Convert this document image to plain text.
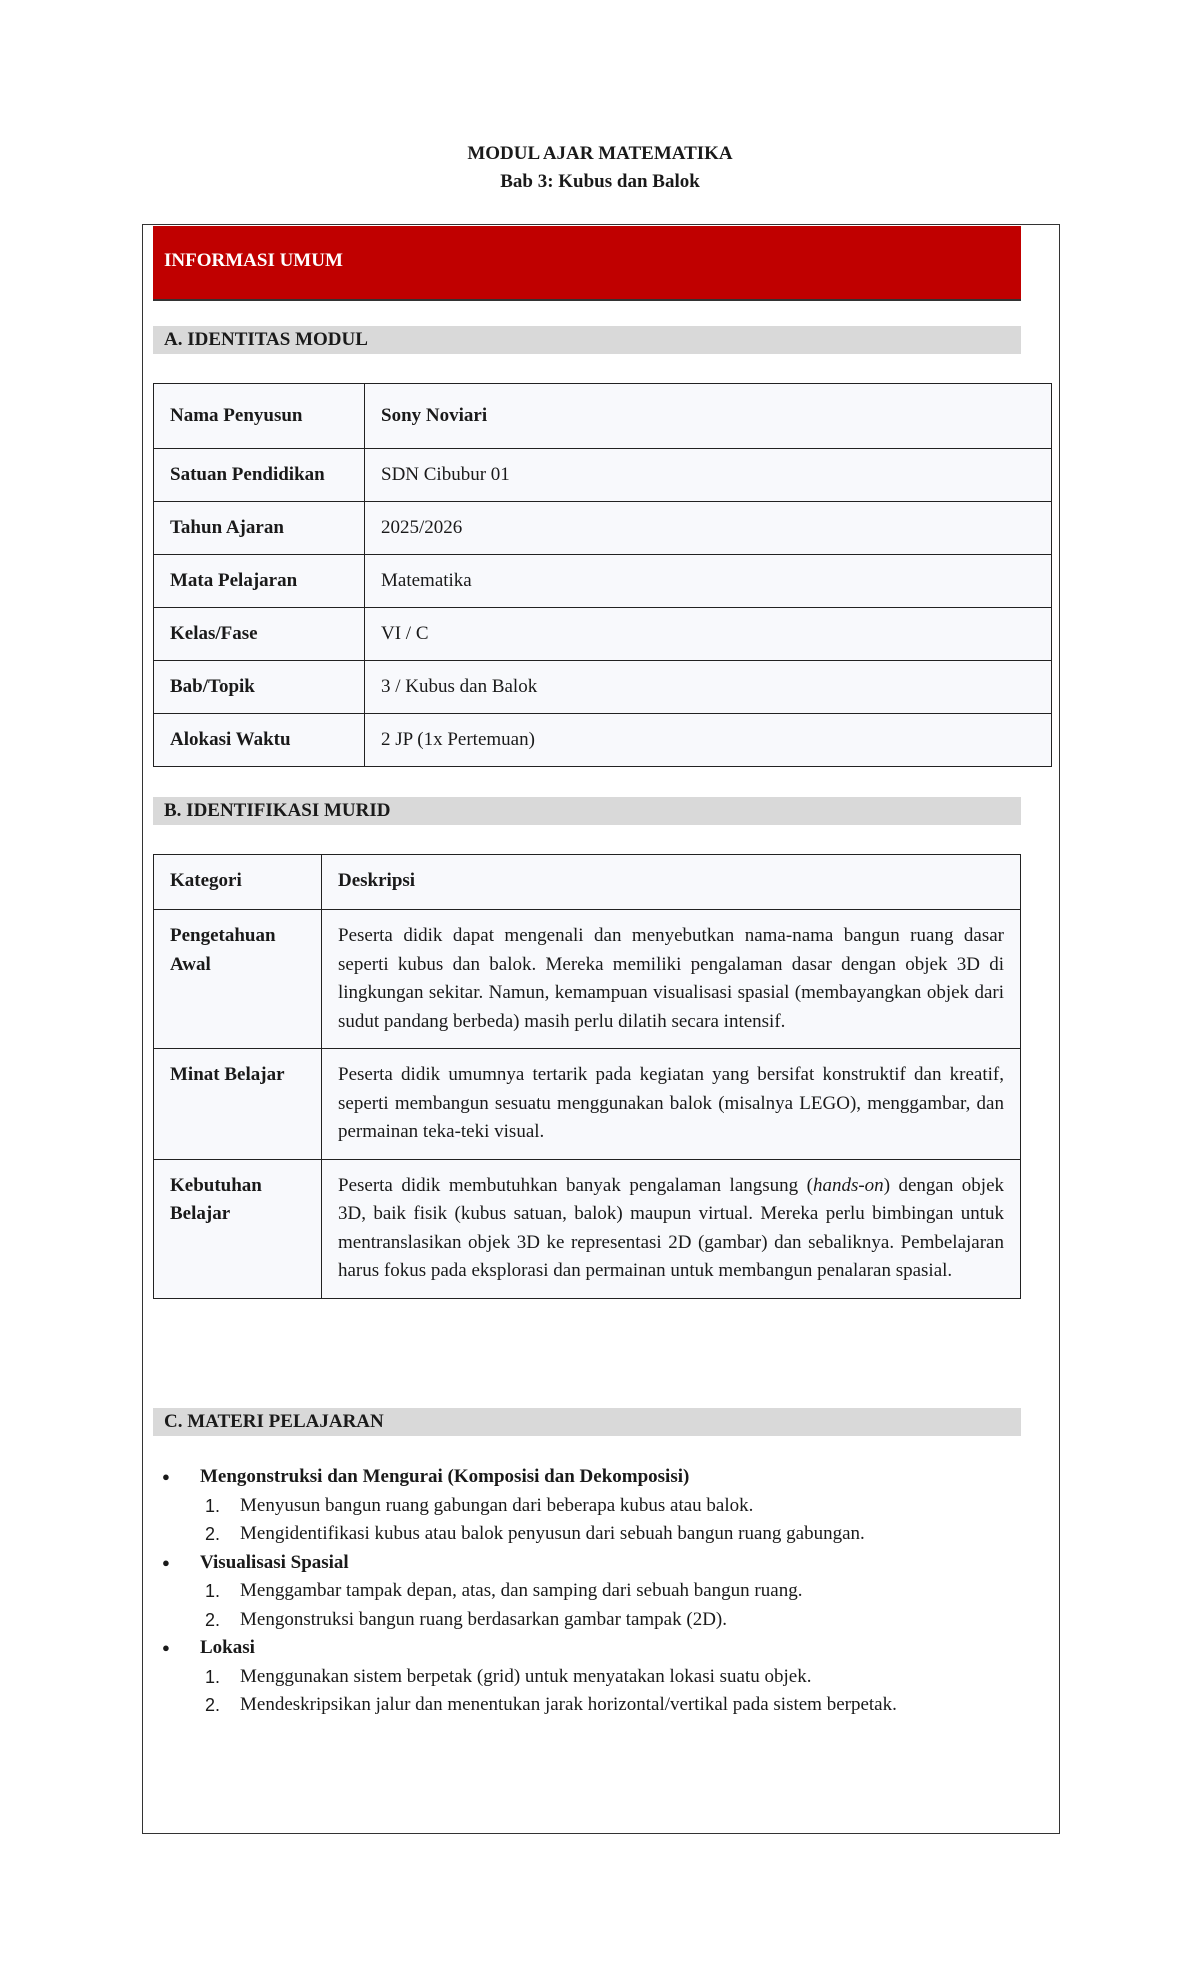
MODUL AJAR MATEMATIKA
Bab 3: Kubus dan Balok
INFORMASI UMUM
A. IDENTITAS MODUL
Nama Penyusun	Sony Noviari
Satuan Pendidikan	SDN Cibubur 01
Tahun Ajaran	2025/2026
Mata Pelajaran	Matematika
Kelas/Fase	VI / C
Bab/Topik	3 / Kubus dan Balok
Alokasi Waktu	2 JP (1x Pertemuan)
B. IDENTIFIKASI MURID
Kategori	Deskripsi
Pengetahuan Awal	Peserta didik dapat mengenali dan menyebutkan nama-nama bangun ruang dasar seperti kubus dan balok. Mereka memiliki pengalaman dasar dengan objek 3D di lingkungan sekitar. Namun, kemampuan visualisasi spasial (membayangkan objek dari sudut pandang berbeda) masih perlu dilatih secara intensif.
Minat Belajar	Peserta didik umumnya tertarik pada kegiatan yang bersifat konstruktif dan kreatif, seperti membangun sesuatu menggunakan balok (misalnya LEGO), menggambar, dan permainan teka-teki visual.
Kebutuhan Belajar	Peserta didik membutuhkan banyak pengalaman langsung (hands-on) dengan objek 3D, baik fisik (kubus satuan, balok) maupun virtual. Mereka perlu bimbingan untuk mentranslasikan objek 3D ke representasi 2D (gambar) dan sebaliknya. Pembelajaran harus fokus pada eksplorasi dan permainan untuk membangun penalaran spasial.
C. MATERI PELAJARAN
● Mengonstruksi dan Mengurai (Komposisi dan Dekomposisi)
1. Menyusun bangun ruang gabungan dari beberapa kubus atau balok.
2. Mengidentifikasi kubus atau balok penyusun dari sebuah bangun ruang gabungan.
● Visualisasi Spasial
1. Menggambar tampak depan, atas, dan samping dari sebuah bangun ruang.
2. Mengonstruksi bangun ruang berdasarkan gambar tampak (2D).
● Lokasi
1. Menggunakan sistem berpetak (grid) untuk menyatakan lokasi suatu objek.
2. Mendeskripsikan jalur dan menentukan jarak horizontal/vertikal pada sistem berpetak.
